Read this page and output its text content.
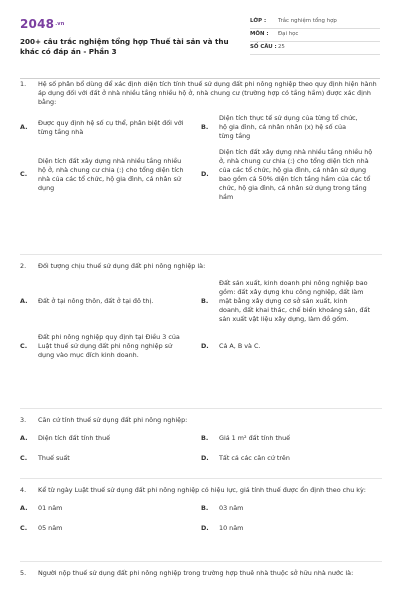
$2048^{.vn}$
200+ câu trắc nghiệm tổng hợp Thuế tài sản và thu khác có đáp án - Phần 3
LỚP :	Trắc nghiệm tổng hợp
MÔN :	Đại học
SỐ CÂU : 25
1.	Hệ số phân bổ dùng để xác định diện tích tính thuế sử dụng đất phi nông nghiệp theo quy định hiện hành áp dụng đối với đất ở nhà nhiều tầng nhiều hộ ở, nhà chung cư (trường hợp có tầng hầm) được xác định bằng:
A.
Được quy định hệ số cụ thể, phân biệt đối với từng tầng nhà
B.
Diện tích thực tế sử dụng của từng tổ chức, hộ gia đình, cá nhân nhân (x) hệ số của từng tầng
C.
Diện tích đất xây dựng nhà nhiều tầng nhiều hộ ở, nhà chung cư chia (:) cho tổng diện tích nhà của các tổ chức, hộ gia đình, cá nhân sử dụng
D.
Diện tích đất xây dựng nhà nhiều tầng nhiều hộ ở, nhà chung cư chia (:) cho tổng diện tích nhà của các tổ chức, hộ gia đình, cá nhân sử dụng bao gồm cả 50% diện tích tầng hầm của các tổ chức, hộ gia đình, cá nhân sử dụng trong tầng hầm
2.	Đối tượng chịu thuế sử dụng đất phi nông nghiệp là:
A.	Đất ở tại nông thôn, đất ở tại đô thị.	B.
Đất sản xuất, kinh doanh phi nông nghiệp bao gồm: đất xây dựng khu công nghiệp, đất làm mặt bằng xây dựng cơ sở sản xuất, kinh doanh, đất khai thác, chế biến khoáng sản, đất sản xuất vật liệu xây dựng, làm đồ gốm.
C.
Đất phi nông nghiệp quy định tại Điều 3 của Luật thuế sử dụng đất phi nông nghiệp sử dụng vào mục đích kinh doanh.
D.	Cả A, B và C.
3.	Căn cứ tính thuế sử dụng đất phi nông nghiệp:
A.	Diện tích đất tính thuế	B.	Giá 1 m² đất tính thuế
C.	Thuế suất	D.	Tất cả các căn cứ trên
4.	Kể từ ngày Luật thuế sử dụng đất phi nông nghiệp có hiệu lực, giá tính thuế được ổn định theo chu kỳ:
A.	01 năm	B.	03 năm
C.	05 năm	D.	10 năm
5.	Người nộp thuế sử dụng đất phi nông nghiệp trong trường hợp thuê nhà thuộc sở hữu nhà nước là:
